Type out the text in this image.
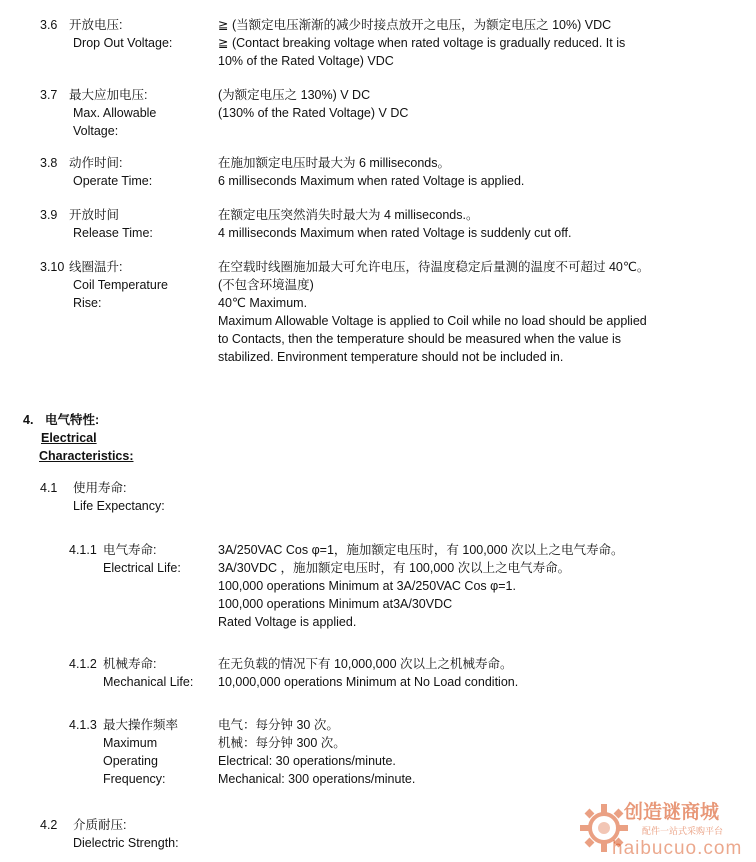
3.6 开放电压:
Drop Out Voltage:
≧ (当额定电压渐渐的减少时接点放开之电压，为额定电压之 10%) VDC
≧ (Contact breaking voltage when rated voltage is gradually reduced. It is
10% of the Rated Voltage) VDC
3.7 最大应加电压:
Max. Allowable
Voltage:
(为额定电压之 130%) V DC
(130% of the Rated Voltage) V DC
3.8 动作时间:
Operate Time:
在施加额定电压时最大为 6 milliseconds。
6 milliseconds Maximum when rated Voltage is applied.
3.9 开放时间
Release Time:
在额定电压突然消失时最大为 4 milliseconds.。
4 milliseconds Maximum when rated Voltage is suddenly cut off.
3.10 线圈温升:
Coil Temperature
Rise:
在空载时线圈施加最大可允许电压，待温度稳定后量测的温度不可超过 40℃。
(不包含环境温度)
40℃ Maximum.
Maximum Allowable Voltage is applied to Coil while no load should be applied
to Contacts, then the temperature should be measured when the value is
stabilized. Environment temperature should not be included in.
4. 电气特性:
Electrical
Characteristics:
4.1 使用寿命:
Life Expectancy:
4.1.1 电气寿命:
Electrical Life:
3A/250VAC Cos φ=1，施加额定电压时，有 100,000 次以上之电气寿命。
3A/30VDC ，施加额定电压时，有 100,000 次以上之电气寿命。
100,000 operations Minimum at 3A/250VAC Cos φ=1.
100,000 operations Minimum at3A/30VDC
Rated Voltage is applied.
4.1.2 机械寿命:
Mechanical Life:
在无负载的情况下有 10,000,000 次以上之机械寿命。
10,000,000 operations Minimum at No Load condition.
4.1.3 最大操作频率
Maximum
Operating
Frequency:
电气：每分钟 30 次。
机械：每分钟 300 次。
Electrical: 30 operations/minute.
Mechanical: 300 operations/minute.
4.2 介质耐压:
Dielectric Strength:
创造谜商城
配件一站式采购平台
haibucuo.com
